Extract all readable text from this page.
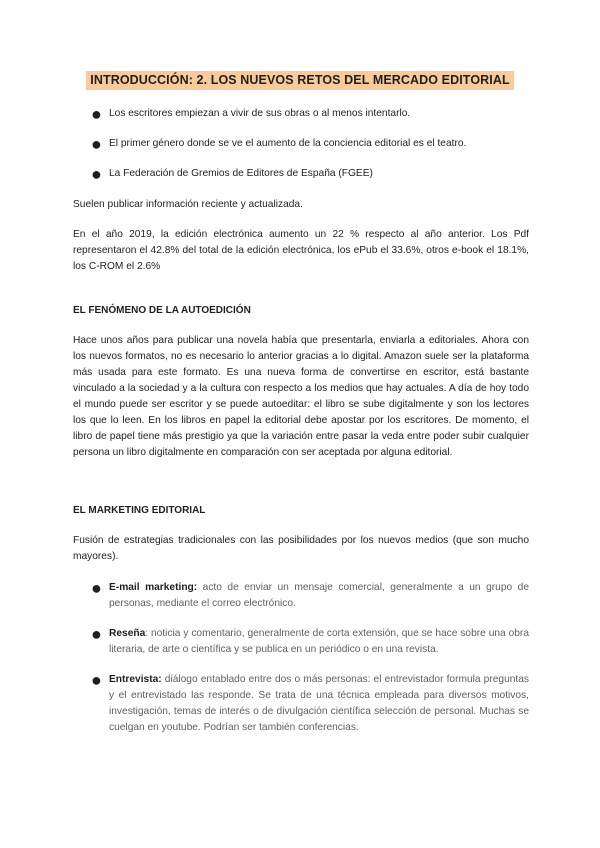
INTRODUCCIÓN: 2. LOS NUEVOS RETOS DEL MERCADO EDITORIAL
● Los escritores empiezan a vivir de sus obras o al menos intentarlo.
● El primer género donde se ve el aumento de la conciencia editorial es el teatro.
● La Federación de Gremios de Editores de España (FGEE)
Suelen publicar información reciente y actualizada.
En el año 2019, la edición electrónica aumento un 22 % respecto al año anterior. Los Pdf representaron el 42.8% del total de la edición electrónica, los ePub el 33.6%, otros e-book el 18.1%, los C-ROM el 2.6%
EL FENÓMENO DE LA AUTOEDICIÓN
Hace unos años para publicar una novela había que presentarla, enviarla a editoriales. Ahora con los nuevos formatos, no es necesario lo anterior gracias a lo digital. Amazon suele ser la plataforma más usada para este formato. Es una nueva forma de convertirse en escritor, está bastante vinculado a la sociedad y a la cultura con respecto a los medios que hay actuales. A día de hoy todo el mundo puede ser escritor y se puede autoeditar: el libro se sube digitalmente y son los lectores los que lo leen. En los libros en papel la editorial debe apostar por los escritores. De momento, el libro de papel tiene más prestigio ya que la variación entre pasar la veda entre poder subir cualquier persona un libro digitalmente en comparación con ser aceptada por alguna editorial.
EL MARKETING EDITORIAL
Fusión de estrategias tradicionales con las posibilidades por los nuevos medios (que son mucho mayores).
● E-mail marketing: acto de enviar un mensaje comercial, generalmente a un grupo de personas, mediante el correo electrónico.
● Reseña: noticia y comentario, generalmente de corta extensión, que se hace sobre una obra literaria, de arte o científica y se publica en un periódico o en una revista.
● Entrevista: diálogo entablado entre dos o más personas: el entrevistador formula preguntas y el entrevistado las responde. Se trata de una técnica empleada para diversos motivos, investigación, temas de interés o de divulgación científica selección de personal. Muchas se cuelgan en youtube. Podrían ser también conferencias.
